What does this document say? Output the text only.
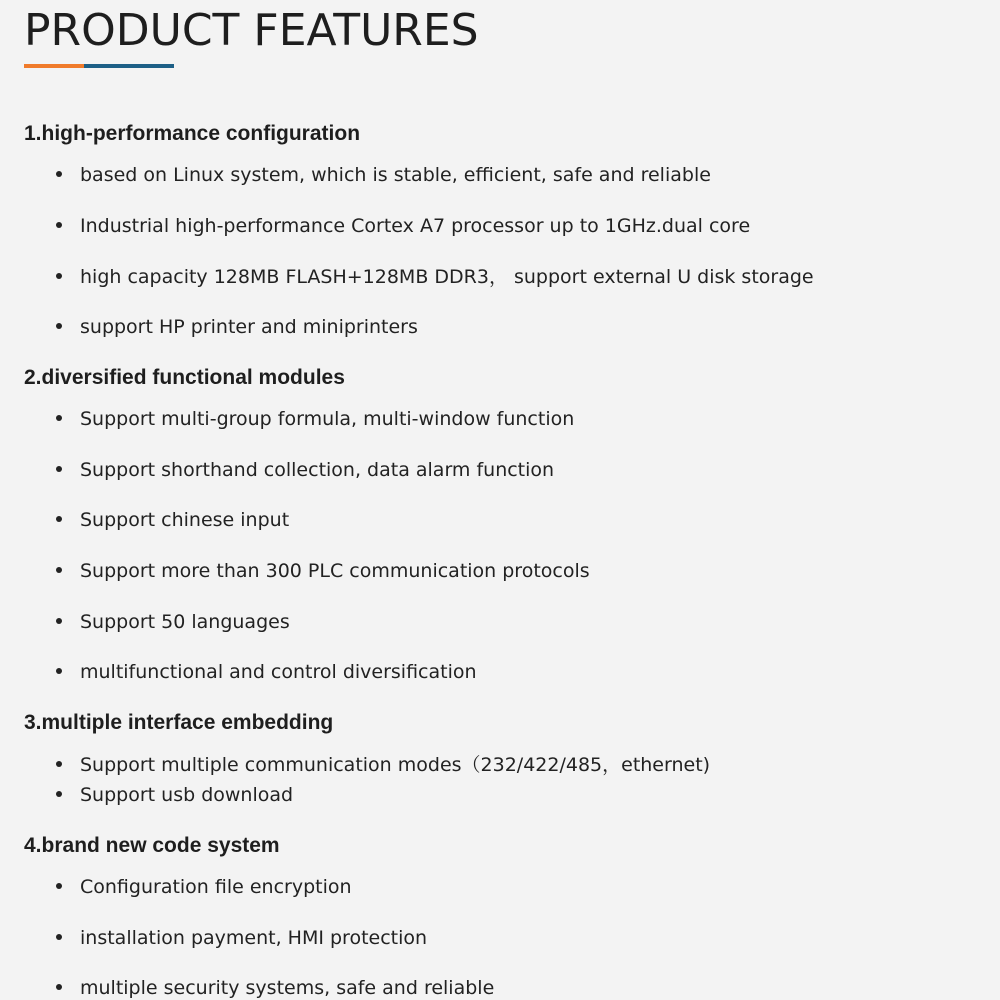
PRODUCT FEATURES
1.high-performance configuration
based on Linux system, which is stable, efficient, safe and reliable
Industrial high-performance Cortex A7 processor up to 1GHz.dual core
high capacity 128MB FLASH+128MB DDR3， support external U disk storage
support HP printer and miniprinters
2.diversified functional modules
Support multi-group formula, multi-window function
Support shorthand collection, data alarm function
Support chinese input
Support more than 300 PLC communication protocols
Support 50 languages
multifunctional and control diversification
3.multiple interface embedding
Support multiple communication modes（232/422/485，ethernet)
Support usb download
4.brand new code system
Configuration file encryption
installation payment, HMI protection
multiple security systems, safe and reliable
